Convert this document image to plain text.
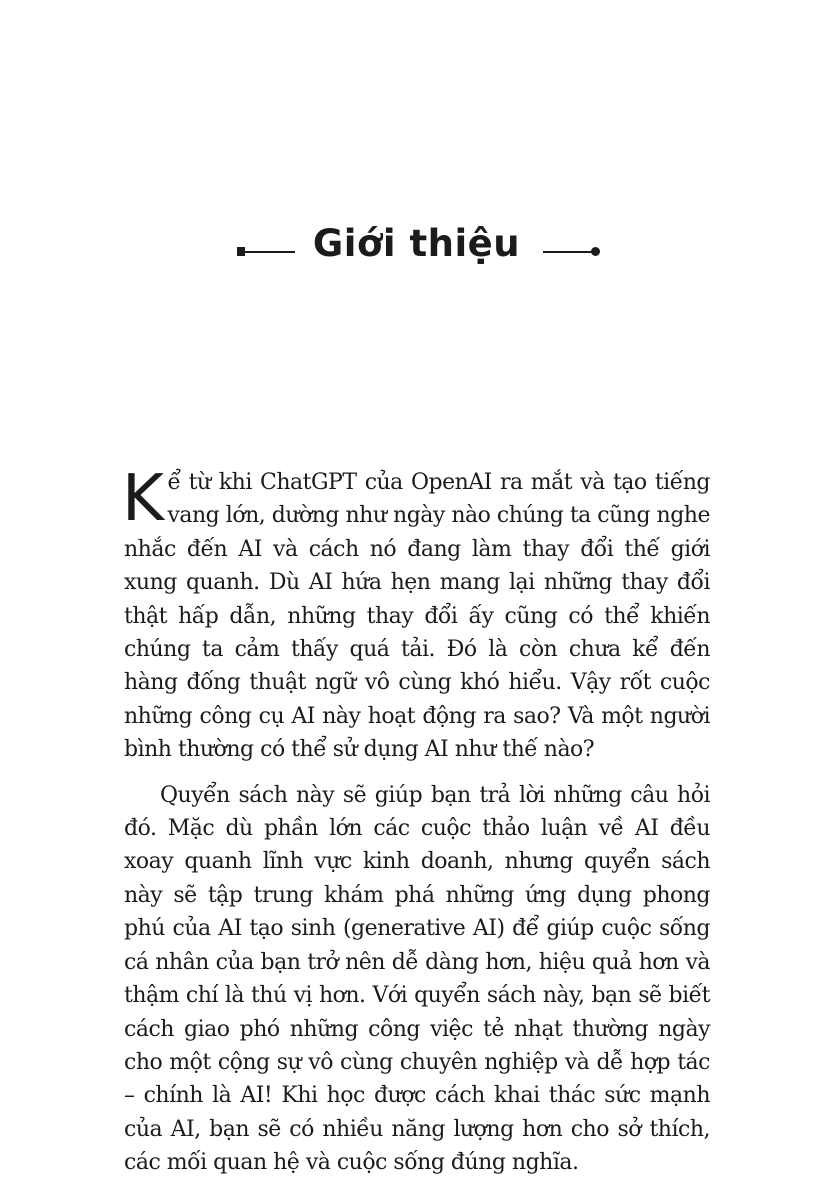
Giới thiệu

Kể từ khi ChatGPT của OpenAI ra mắt và tạo tiếng vang lớn, dường như ngày nào chúng ta cũng nghe nhắc đến AI và cách nó đang làm thay đổi thế giới xung quanh. Dù AI hứa hẹn mang lại những thay đổi thật hấp dẫn, những thay đổi ấy cũng có thể khiến chúng ta cảm thấy quá tải. Đó là còn chưa kể đến hàng đống thuật ngữ vô cùng khó hiểu. Vậy rốt cuộc những công cụ AI này hoạt động ra sao? Và một người bình thường có thể sử dụng AI như thế nào?

Quyển sách này sẽ giúp bạn trả lời những câu hỏi đó. Mặc dù phần lớn các cuộc thảo luận về AI đều xoay quanh lĩnh vực kinh doanh, nhưng quyển sách này sẽ tập trung khám phá những ứng dụng phong phú của AI tạo sinh (generative AI) để giúp cuộc sống cá nhân của bạn trở nên dễ dàng hơn, hiệu quả hơn và thậm chí là thú vị hơn. Với quyển sách này, bạn sẽ biết cách giao phó những công việc tẻ nhạt thường ngày cho một cộng sự vô cùng chuyên nghiệp và dễ hợp tác – chính là AI! Khi học được cách khai thác sức mạnh của AI, bạn sẽ có nhiều năng lượng hơn cho sở thích, các mối quan hệ và cuộc sống đúng nghĩa.
